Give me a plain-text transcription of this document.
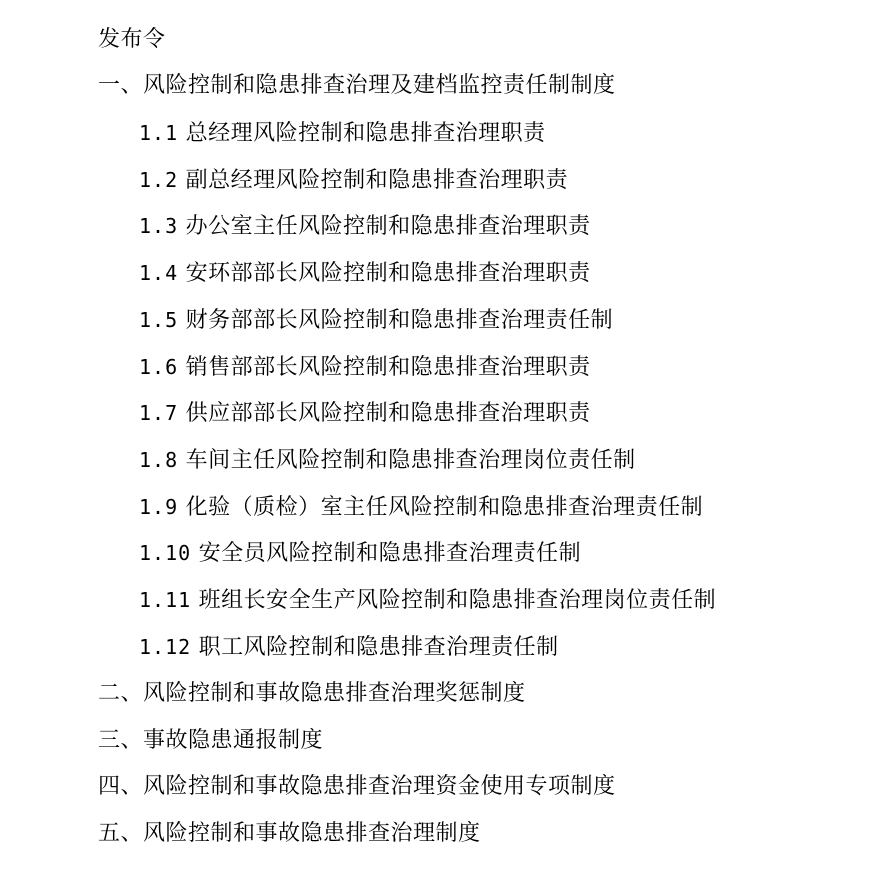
发布令
一、风险控制和隐患排查治理及建档监控责任制制度
1.1 总经理风险控制和隐患排查治理职责
1.2 副总经理风险控制和隐患排查治理职责
1.3 办公室主任风险控制和隐患排查治理职责
1.4 安环部部长风险控制和隐患排查治理职责
1.5 财务部部长风险控制和隐患排查治理责任制
1.6 销售部部长风险控制和隐患排查治理职责
1.7 供应部部长风险控制和隐患排查治理职责
1.8 车间主任风险控制和隐患排查治理岗位责任制
1.9 化验（质检）室主任风险控制和隐患排查治理责任制
1.10 安全员风险控制和隐患排查治理责任制
1.11 班组长安全生产风险控制和隐患排查治理岗位责任制
1.12 职工风险控制和隐患排查治理责任制
二、风险控制和事故隐患排查治理奖惩制度
三、事故隐患通报制度
四、风险控制和事故隐患排查治理资金使用专项制度
五、风险控制和事故隐患排查治理制度
